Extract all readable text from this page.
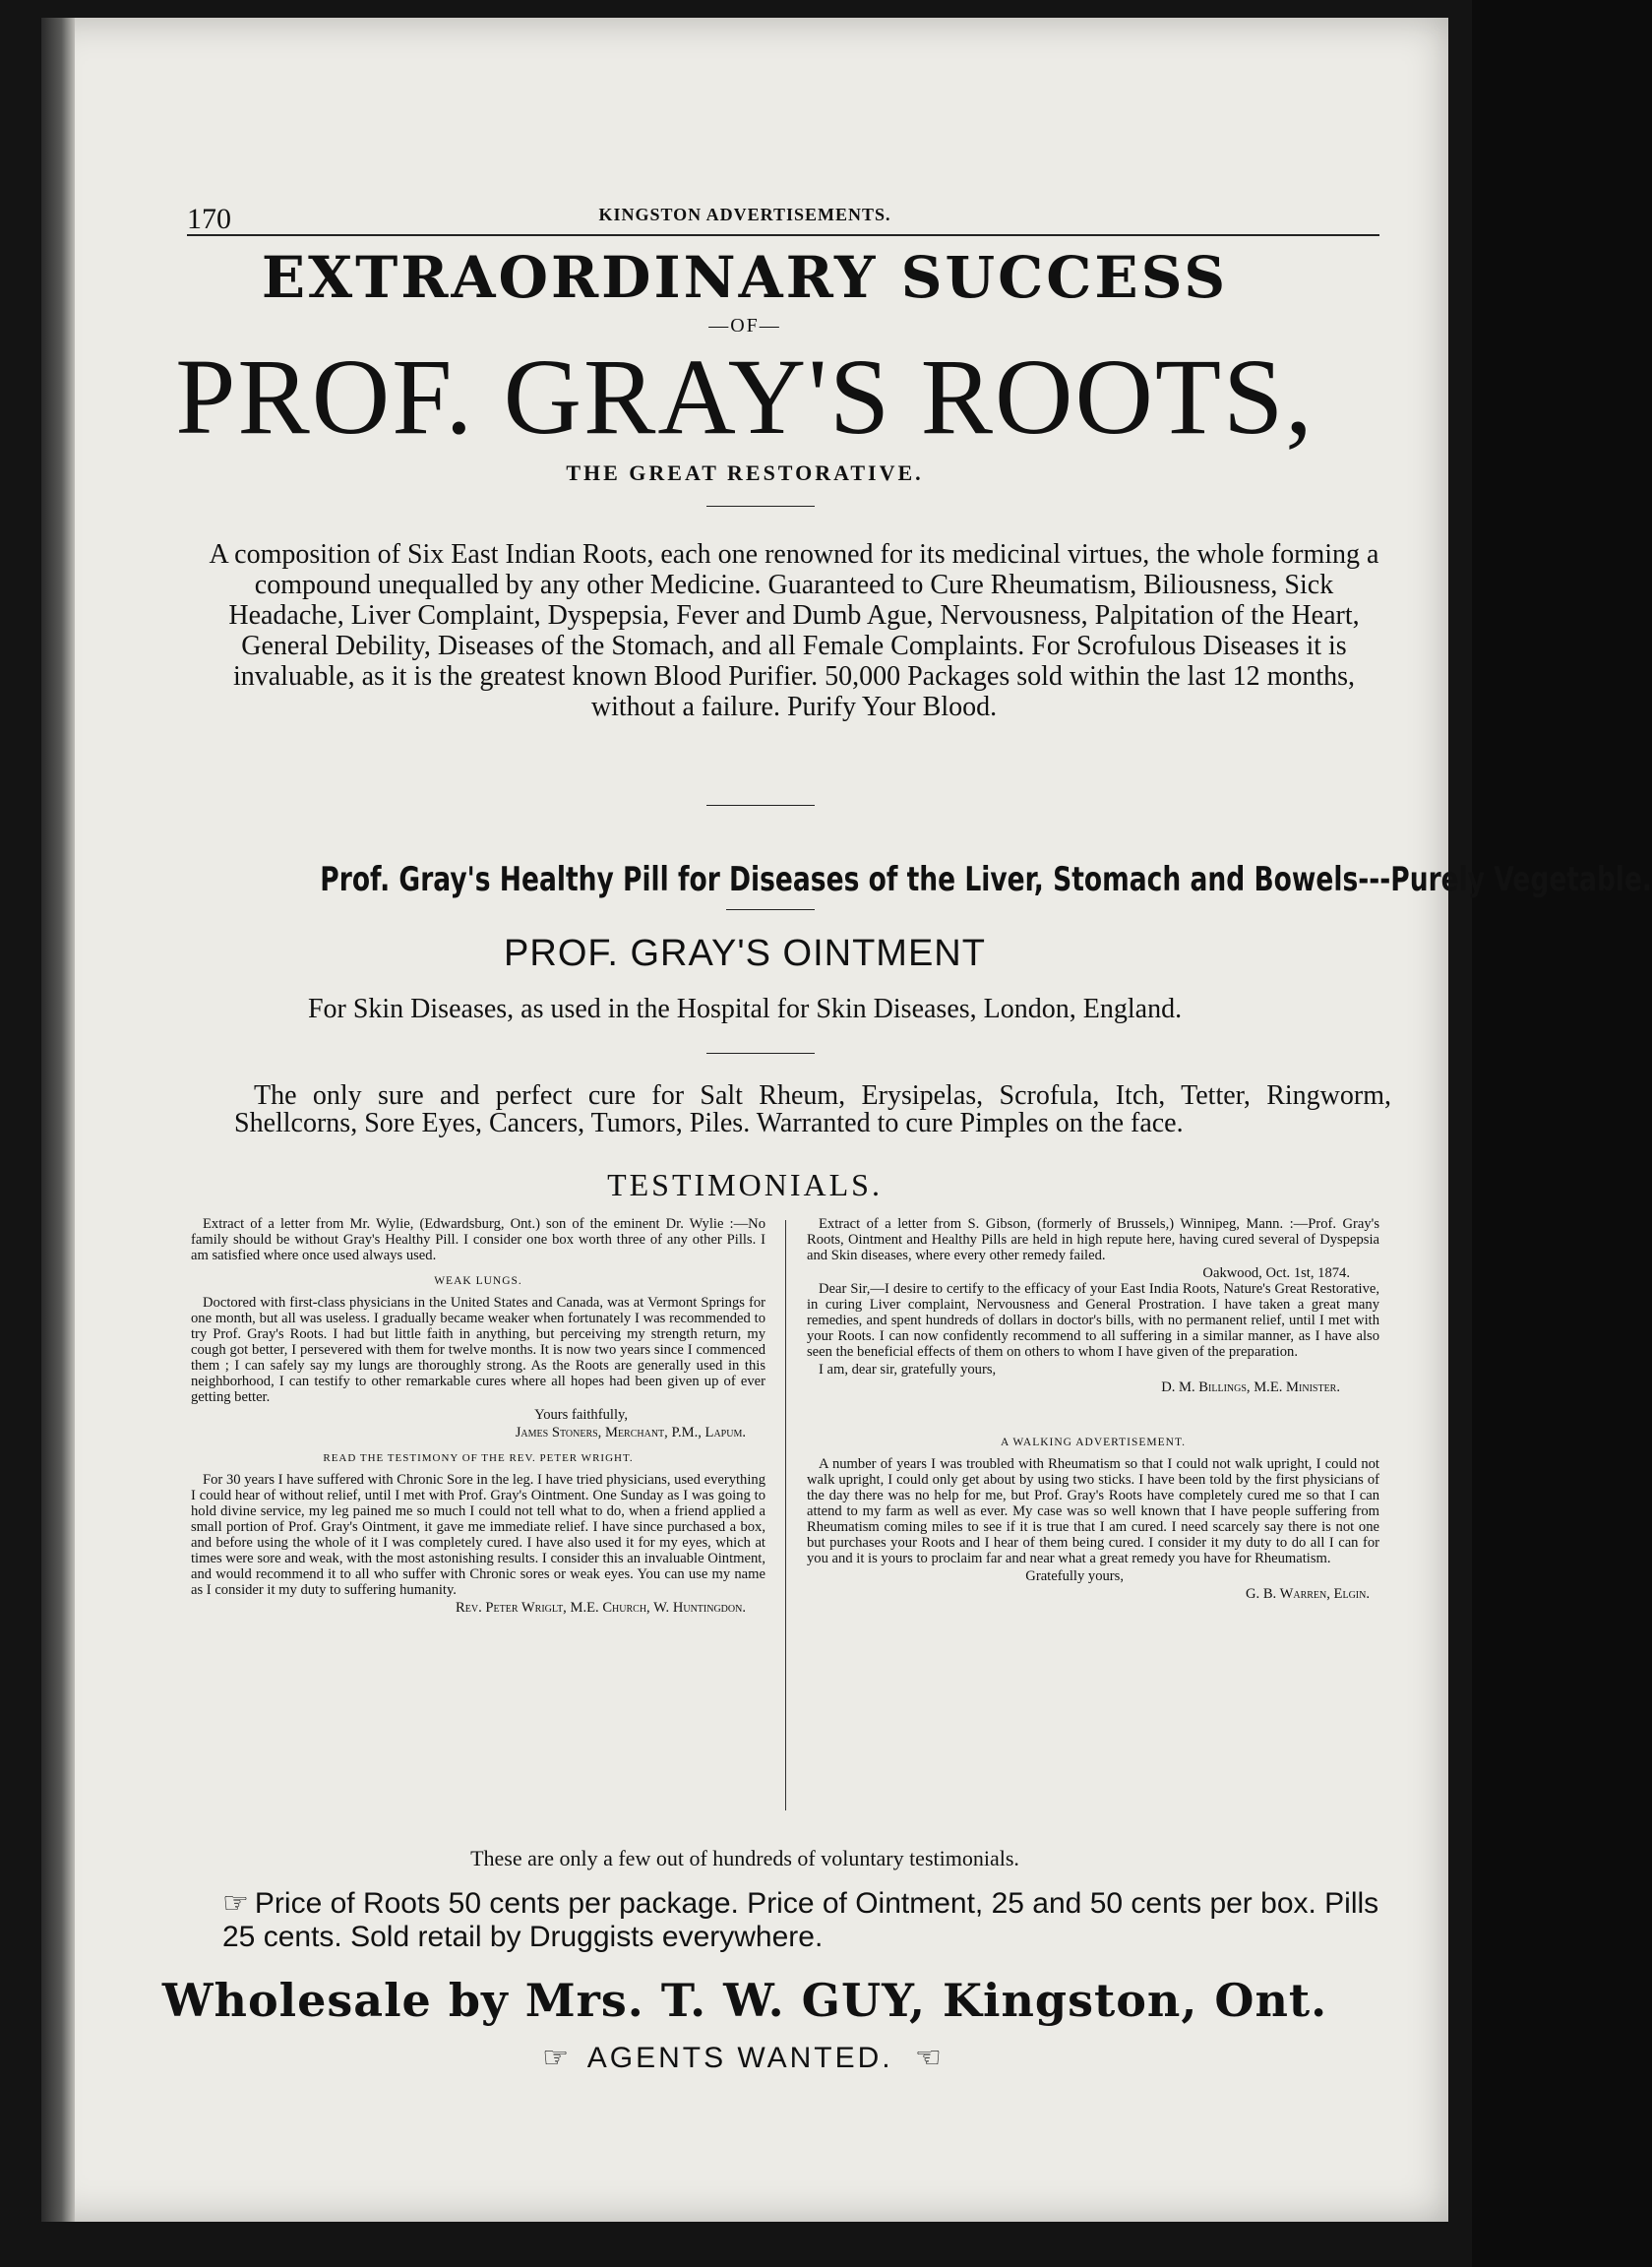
170	KINGSTON ADVERTISEMENTS.
EXTRAORDINARY SUCCESS
—OF—
PROF. GRAY'S ROOTS,
THE GREAT RESTORATIVE.
A composition of Six East Indian Roots, each one renowned for its medicinal virtues, the whole forming a compound unequalled by any other Medicine. Guaranteed to Cure Rheumatism, Biliousness, Sick Headache, Liver Complaint, Dyspepsia, Fever and Dumb Ague, Nervousness, Palpitation of the Heart, General Debility, Diseases of the Stomach, and all Female Complaints. For Scrofulous Diseases it is invaluable, as it is the greatest known Blood Purifier. 50,000 Packages sold within the last 12 months, without a failure. Purify Your Blood.
Prof. Gray's Healthy Pill for Diseases of the Liver, Stomach and Bowels---Purely Vegetable.
PROF. GRAY'S OINTMENT
For Skin Diseases, as used in the Hospital for Skin Diseases, London, England.
The only sure and perfect cure for Salt Rheum, Erysipelas, Scrofula, Itch, Tetter, Ringworm, Shellcorns, Sore Eyes, Cancers, Tumors, Piles. Warranted to cure Pimples on the face.
TESTIMONIALS.

Extract of a letter from Mr. Wylie, (Edwardsburg, Ont.) son of the eminent Dr. Wylie :—No family should be without Gray's Healthy Pill. I consider one box worth three of any other Pills. I am satisfied where once used always used.

WEAK LUNGS.

Doctored with first-class physicians in the United States and Canada, was at Vermont Springs for one month, but all was useless. I gradually became weaker when fortunately I was recommended to try Prof. Gray's Roots. I had but little faith in anything, but perceiving my strength return, my cough got better, I persevered with them for twelve months. It is now two years since I commenced them ; I can safely say my lungs are thoroughly strong. As the Roots are generally used in this neighborhood, I can testify to other remarkable cures where all hopes had been given up of ever getting better.

Yours faithfully,

James Stoners, Merchant, P.M., Lapum.

READ THE TESTIMONY OF THE REV. PETER WRIGHT.

For 30 years I have suffered with Chronic Sore in the leg. I have tried physicians, used everything I could hear of without relief, until I met with Prof. Gray's Ointment. One Sunday as I was going to hold divine service, my leg pained me so much I could not tell what to do, when a friend applied a small portion of Prof. Gray's Ointment, it gave me immediate relief. I have since purchased a box, and before using the whole of it I was completely cured. I have also used it for my eyes, which at times were sore and weak, with the most astonishing results. I consider this an invaluable Ointment, and would recommend it to all who suffer with Chronic sores or weak eyes. You can use my name as I consider it my duty to suffering humanity.

Rev. Peter Wriglt, M.E. Church, W. Huntingdon.

Extract of a letter from S. Gibson, (formerly of Brussels,) Winnipeg, Mann. :—Prof. Gray's Roots, Ointment and Healthy Pills are held in high repute here, having cured several of Dyspepsia and Skin diseases, where every other remedy failed.

Oakwood, Oct. 1st, 1874.

Dear Sir,—I desire to certify to the efficacy of your East India Roots, Nature's Great Restorative, in curing Liver complaint, Nervousness and General Prostration. I have taken a great many remedies, and spent hundreds of dollars in doctor's bills, with no permanent relief, until I met with your Roots. I can now confidently recommend to all suffering in a similar manner, as I have also seen the beneficial effects of them on others to whom I have given of the preparation.

I am, dear sir, gratefully yours,

D. M. Billings, M.E. Minister.

A WALKING ADVERTISEMENT.

A number of years I was troubled with Rheumatism so that I could not walk upright, I could not walk upright, I could only get about by using two sticks. I have been told by the first physicians of the day there was no help for me, but Prof. Gray's Roots have completely cured me so that I can attend to my farm as well as ever. My case was so well known that I have people suffering from Rheumatism coming miles to see if it is true that I am cured. I need scarcely say there is not one but purchases your Roots and I hear of them being cured. I consider it my duty to do all I can for you and it is yours to proclaim far and near what a great remedy you have for Rheumatism.

Gratefully yours,

G. B. Warren, Elgin.

These are only a few out of hundreds of voluntary testimonials.
☞ Price of Roots 50 cents per package. Price of Ointment, 25 and 50 cents per box. Pills 25 cents. Sold retail by Druggists everywhere.
Wholesale by Mrs. T. W. GUY, Kingston, Ont.
☞ AGENTS WANTED. ☞
